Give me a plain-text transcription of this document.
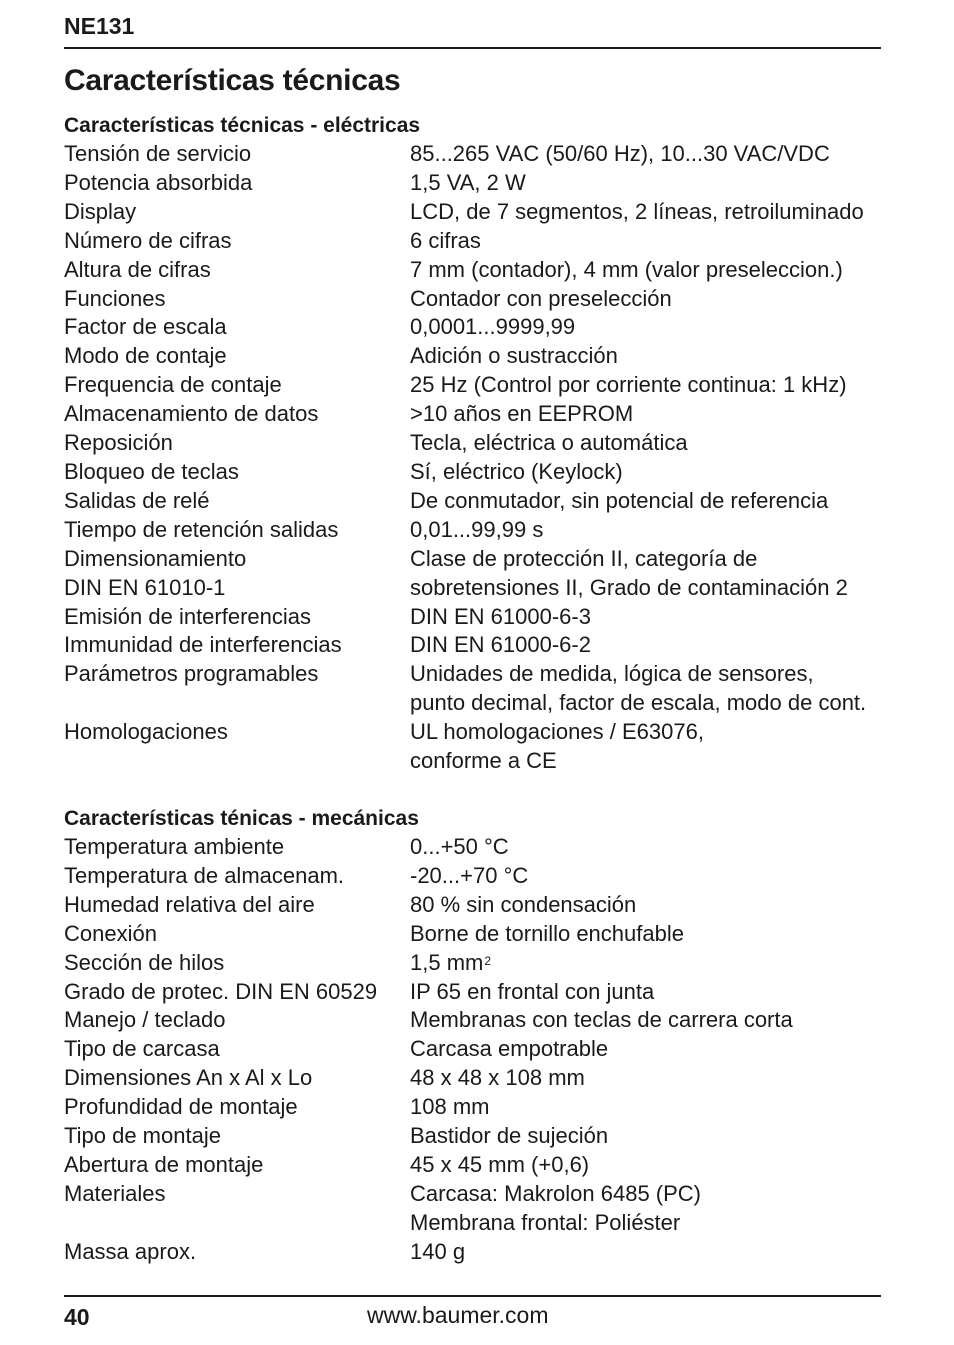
NE131
Características técnicas
Características técnicas - eléctricas
Tensión de servicio	85...265 VAC (50/60 Hz), 10...30 VAC/VDC
Potencia absorbida	1,5 VA, 2 W
Display	LCD, de 7 segmentos, 2 líneas, retroiluminado
Número de cifras	6 cifras
Altura de cifras	7 mm (contador), 4 mm (valor preseleccion.)
Funciones	Contador con preselección
Factor de escala	0,0001...9999,99
Modo de contaje	Adición o sustracción
Frequencia de contaje	25 Hz (Control por corriente continua: 1 kHz)
Almacenamiento de datos	>10 años en EEPROM
Reposición	Tecla, eléctrica o automática
Bloqueo de teclas	Sí, eléctrico (Keylock)
Salidas de relé	De conmutador, sin potencial de referencia
Tiempo de retención salidas	0,01...99,99 s
Dimensionamiento	Clase de protección II, categoría de
DIN EN 61010-1	sobretensiones II, Grado de contaminación 2
Emisión de interferencias	DIN EN 61000-6-3
Immunidad de interferencias	DIN EN 61000-6-2
Parámetros programables	Unidades de medida, lógica de sensores,
punto decimal, factor de escala, modo de cont.
Homologaciones	UL homologaciones / E63076,
conforme a CE
Características ténicas - mecánicas
Temperatura ambiente	0...+50 °C
Temperatura de almacenam.	-20...+70 °C
Humedad relativa del aire	80 % sin condensación
Conexión	Borne de tornillo enchufable
Sección de hilos	1,5 $mm^2$
Grado de protec. DIN EN 60529	IP 65 en frontal con junta
Manejo / teclado	Membranas con teclas de carrera corta
Tipo de carcasa	Carcasa empotrable
Dimensiones An x Al x Lo	48 x 48 x 108 mm
Profundidad de montaje	108 mm
Tipo de montaje	Bastidor de sujeción
Abertura de montaje	45 x 45 mm (+0,6)
Materiales	Carcasa: Makrolon 6485 (PC)
Membrana frontal: Poliéster
Massa aprox.	140 g
40	www.baumer.com
